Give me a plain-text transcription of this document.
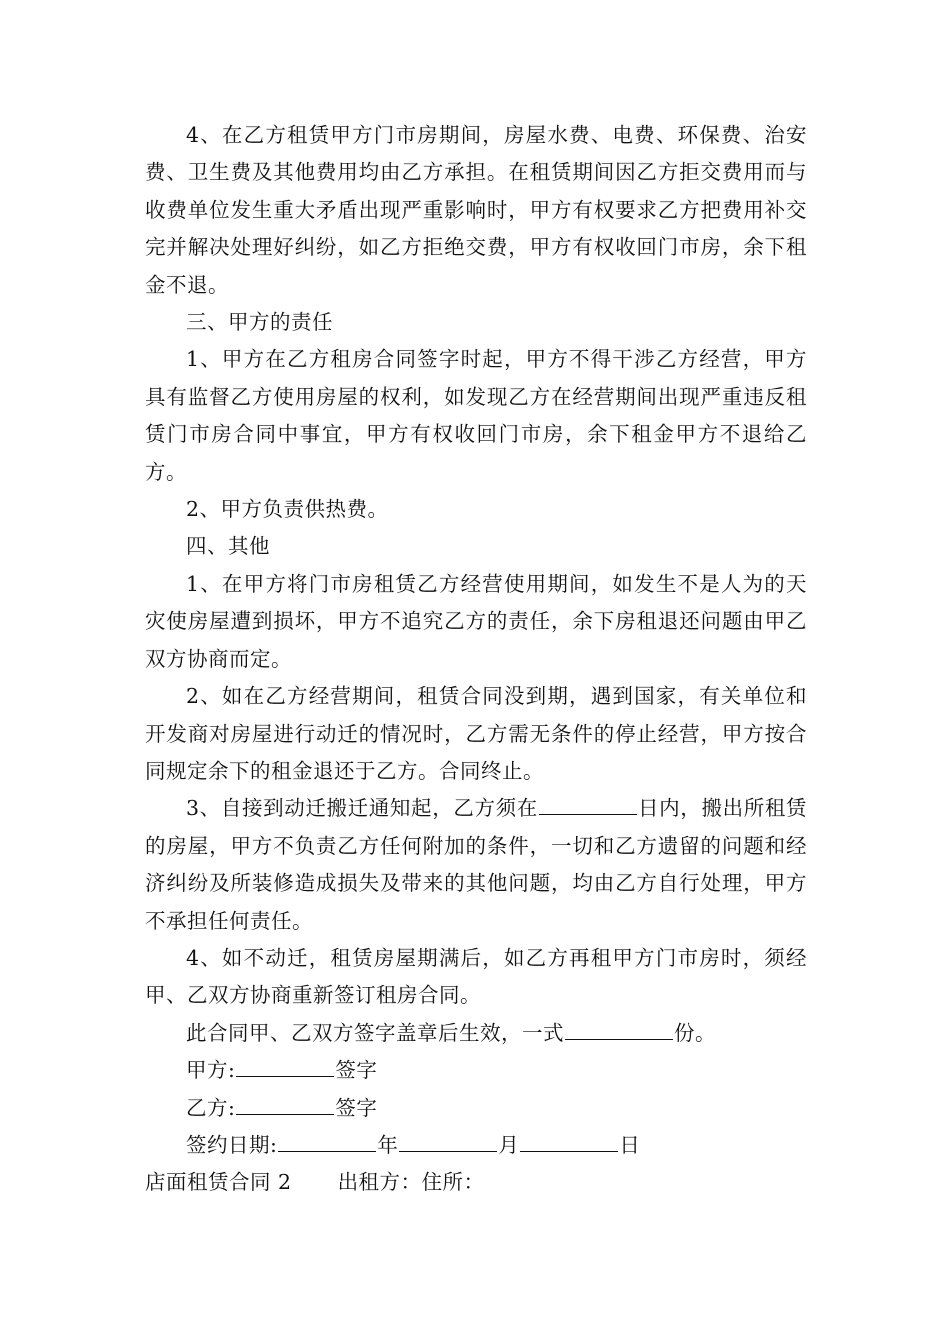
4、在乙方租赁甲方门市房期间，房屋水费、电费、环保费、治安费、卫生费及其他费用均由乙方承担。在租赁期间因乙方拒交费用而与收费单位发生重大矛盾出现严重影响时，甲方有权要求乙方把费用补交完并解决处理好纠纷，如乙方拒绝交费，甲方有权收回门市房，余下租金不退。

三、甲方的责任

1、甲方在乙方租房合同签字时起，甲方不得干涉乙方经营，甲方具有监督乙方使用房屋的权利，如发现乙方在经营期间出现严重违反租赁门市房合同中事宜，甲方有权收回门市房，余下租金甲方不退给乙方。

2、甲方负责供热费。

四、其他

1、在甲方将门市房租赁乙方经营使用期间，如发生不是人为的天灾使房屋遭到损坏，甲方不追究乙方的责任，余下房租退还问题由甲乙双方协商而定。

2、如在乙方经营期间，租赁合同没到期，遇到国家，有关单位和开发商对房屋进行动迁的情况时，乙方需无条件的停止经营，甲方按合同规定余下的租金退还于乙方。合同终止。

3、自接到动迁搬迁通知起，乙方须在	日内，搬出所租赁的房屋，甲方不负责乙方任何附加的条件，一切和乙方遗留的问题和经济纠纷及所装修造成损失及带来的其他问题，均由乙方自行处理，甲方不承担任何责任。

4、如不动迁，租赁房屋期满后，如乙方再租甲方门市房时，须经甲、乙双方协商重新签订租房合同。

此合同甲、乙双方签字盖章后生效，一式	份。

甲方:	签字

乙方:	签字

签约日期:	年	月	日

店面租赁合同 2 出租方：住所：
